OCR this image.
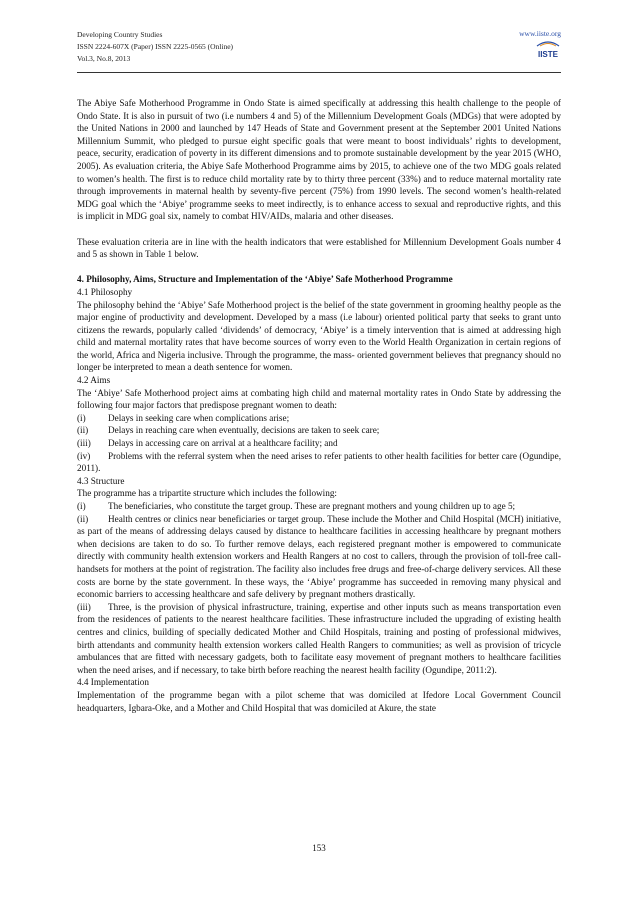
Developing Country Studies
ISSN 2224-607X (Paper) ISSN 2225-0565 (Online)
Vol.3, No.8, 2013
www.iiste.org
IISTE

The Abiye Safe Motherhood Programme in Ondo State is aimed specifically at addressing this health challenge to the people of Ondo State. It is also in pursuit of two (i.e numbers 4 and 5) of the Millennium Development Goals (MDGs) that were adopted by the United Nations in 2000 and launched by 147 Heads of State and Government present at the September 2001 United Nations Millennium Summit, who pledged to pursue eight specific goals that were meant to boost individuals’ rights to development, peace, security, eradication of poverty in its different dimensions and to promote sustainable development by the year 2015 (WHO, 2005). As evaluation criteria, the Abiye Safe Motherhood Programme aims by 2015, to achieve one of the two MDG goals related to women’s health. The first is to reduce child mortality rate by to thirty three percent (33%) and to reduce maternal mortality rate through improvements in maternal health by seventy-five percent (75%) from 1990 levels. The second women’s health-related MDG goal which the ‘Abiye’ programme seeks to meet indirectly, is to enhance access to sexual and reproductive rights, and this is implicit in MDG goal six, namely to combat HIV/AIDs, malaria and other diseases.

These evaluation criteria are in line with the health indicators that were established for Millennium Development Goals number 4 and 5 as shown in Table 1 below.

4. Philosophy, Aims, Structure and Implementation of the ‘Abiye’ Safe Motherhood Programme
4.1 Philosophy

The philosophy behind the ‘Abiye’ Safe Motherhood project is the belief of the state government in grooming healthy people as the major engine of productivity and development. Developed by a mass (i.e labour) oriented political party that seeks to grant unto citizens the rewards, popularly called ‘dividends’ of democracy, ‘Abiye’ is a timely intervention that is aimed at addressing high child and maternal mortality rates that have become sources of worry even to the World Health Organization in certain regions of the world, Africa and Nigeria inclusive. Through the programme, the mass- oriented government believes that pregnancy should no longer be interpreted to mean a death sentence for women.

4.2 Aims

The ‘Abiye’ Safe Motherhood project aims at combating high child and maternal mortality rates in Ondo State by addressing the following four major factors that predispose pregnant women to death:

(i)	Delays in seeking care when complications arise;
(ii)	Delays in reaching care when eventually, decisions are taken to seek care;
(iii)	Delays in accessing care on arrival at a healthcare facility; and

(iv) Problems with the referral system when the need arises to refer patients to other health facilities for better care (Ogundipe, 2011).

4.3 Structure

The programme has a tripartite structure which includes the following:

(i) The beneficiaries, who constitute the target group. These are pregnant mothers and young children up to age 5;

(ii) Health centres or clinics near beneficiaries or target group. These include the Mother and Child Hospital (MCH) initiative, as part of the means of addressing delays caused by distance to healthcare facilities in accessing healthcare by pregnant mothers when decisions are taken to do so. To further remove delays, each registered pregnant mother is empowered to communicate directly with community health extension workers and Health Rangers at no cost to callers, through the provision of toll-free call-handsets for mothers at the point of registration. The facility also includes free drugs and free-of-charge delivery services. All these costs are borne by the state government. In these ways, the ‘Abiye’ programme has succeeded in removing many physical and economic barriers to accessing healthcare and safe delivery by pregnant mothers drastically.

(iii) Three, is the provision of physical infrastructure, training, expertise and other inputs such as means transportation even from the residences of patients to the nearest healthcare facilities. These infrastructure included the upgrading of existing health centres and clinics, building of specially dedicated Mother and Child Hospitals, training and posting of professional midwives, birth attendants and community health extension workers called Health Rangers to communities; as well as provision of tricycle ambulances that are fitted with necessary gadgets, both to facilitate easy movement of pregnant mothers to healthcare facilities when the need arises, and if necessary, to take birth before reaching the nearest health facility (Ogundipe, 2011:2).

4.4 Implementation

Implementation of the programme began with a pilot scheme that was domiciled at Ifedore Local Government Council headquarters, Igbara-Oke, and a Mother and Child Hospital that was domiciled at Akure, the state

153
